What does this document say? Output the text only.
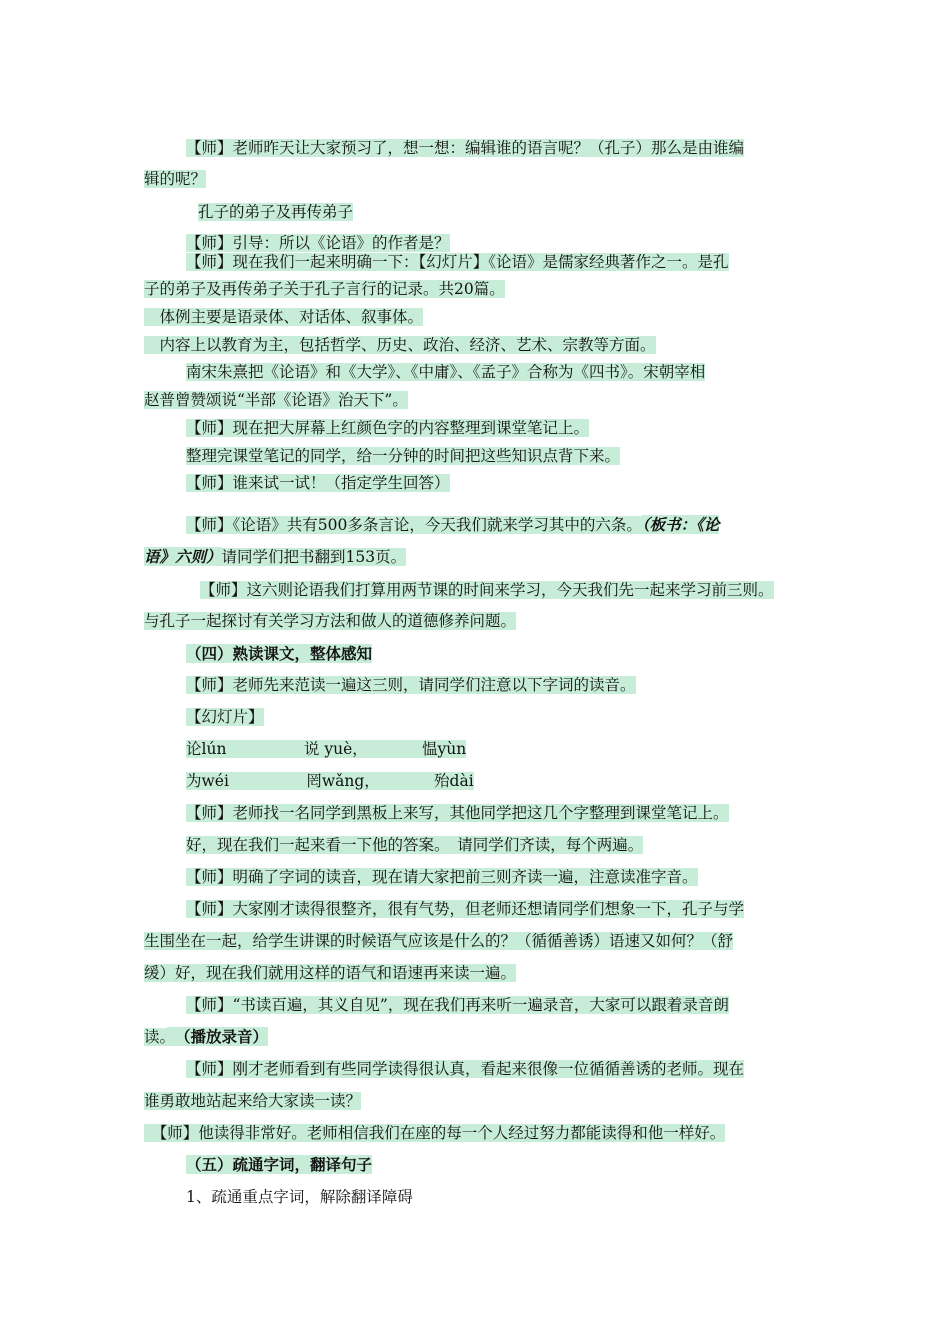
【师】老师昨天让大家预习了，想一想：编辑谁的语言呢？（孔子）那么是由谁编
辑的呢？
孔子的弟子及再传弟子
【师】引导：所以《论语》的作者是？
【师】现在我们一起来明确一下：【幻灯片】《论语》是儒家经典著作之一。是孔
子的弟子及再传弟子关于孔子言行的记录。共20篇。
　体例主要是语录体、对话体、叙事体。
　内容上以教育为主，包括哲学、历史、政治、经济、艺术、宗教等方面。
南宋朱熹把《论语》和《大学》、《中庸》、《孟子》合称为《四书》。宋朝宰相
赵普曾赞颂说“半部《论语》治天下”。
【师】现在把大屏幕上红颜色字的内容整理到课堂笔记上。
整理完课堂笔记的同学，给一分钟的时间把这些知识点背下来。
【师】谁来试一试！（指定学生回答）
【师】《论语》共有500多条言论，今天我们就来学习其中的六条。（板书：《论
语》六则）请同学们把书翻到153页。
【师】这六则论语我们打算用两节课的时间来学习，今天我们先一起来学习前三则。
与孔子一起探讨有关学习方法和做人的道德修养问题。
（四）熟读课文，整体感知
【师】老师先来范读一遍这三则，请同学们注意以下字词的读音。
【幻灯片】
论lún　　　　　说 yuè，　　　　愠yùn
为wéi　　　　　罔wǎng，　　　　殆dài
【师】老师找一名同学到黑板上来写，其他同学把这几个字整理到课堂笔记上。
好，现在我们一起来看一下他的答案。　请同学们齐读，每个两遍。
【师】明确了字词的读音，现在请大家把前三则齐读一遍，注意读准字音。
【师】大家刚才读得很整齐，很有气势，但老师还想请同学们想象一下，孔子与学
生围坐在一起，给学生讲课的时候语气应该是什么的？（循循善诱）语速又如何？（舒
缓）好，现在我们就用这样的语气和语速再来读一遍。
【师】“书读百遍，其义自见”，现在我们再来听一遍录音，大家可以跟着录音朗
读。　（播放录音）
【师】刚才老师看到有些同学读得很认真，看起来很像一位循循善诱的老师。现在
谁勇敢地站起来给大家读一读？
　【师】他读得非常好。老师相信我们在座的每一个人经过努力都能读得和他一样好。
（五）疏通字词，翻译句子
1、疏通重点字词，解除翻译障碍
